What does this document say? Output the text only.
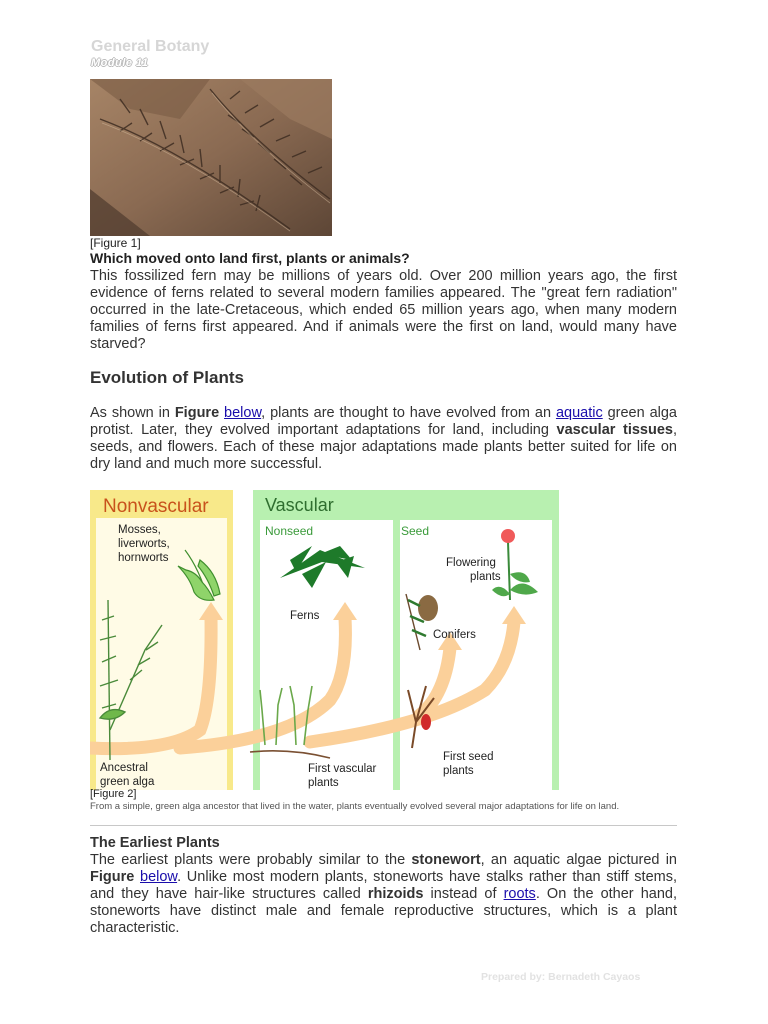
General Botany
Module 11
[Figure 1]
Which moved onto land first, plants or animals?
This fossilized fern may be millions of years old. Over 200 million years ago, the first evidence of ferns related to several modern families appeared. The "great fern radiation" occurred in the late-Cretaceous, which ended 65 million years ago, when many modern families of ferns first appeared. And if animals were the first on land, would many have starved?
Evolution of Plants
As shown in Figure below, plants are thought to have evolved from an aquatic green alga protist. Later, they evolved important adaptations for land, including vascular tissues, seeds, and flowers. Each of these major adaptations made plants better suited for life on dry land and much more successful.
Nonvascular	Vascular
Nonseed	Seed
Mosses, liverworts, hornworts
Ferns
Flowering plants
Conifers
Ancestral green alga
First vascular plants
First seed plants
[Figure 2]
From a simple, green alga ancestor that lived in the water, plants eventually evolved several major adaptations for life on land.
The Earliest Plants
The earliest plants were probably similar to the stonewort, an aquatic algae pictured in Figure below. Unlike most modern plants, stoneworts have stalks rather than stiff stems, and they have hair-like structures called rhizoids instead of roots. On the other hand, stoneworts have distinct male and female reproductive structures, which is a plant characteristic.
Prepared by: Bernadeth Cayaos
